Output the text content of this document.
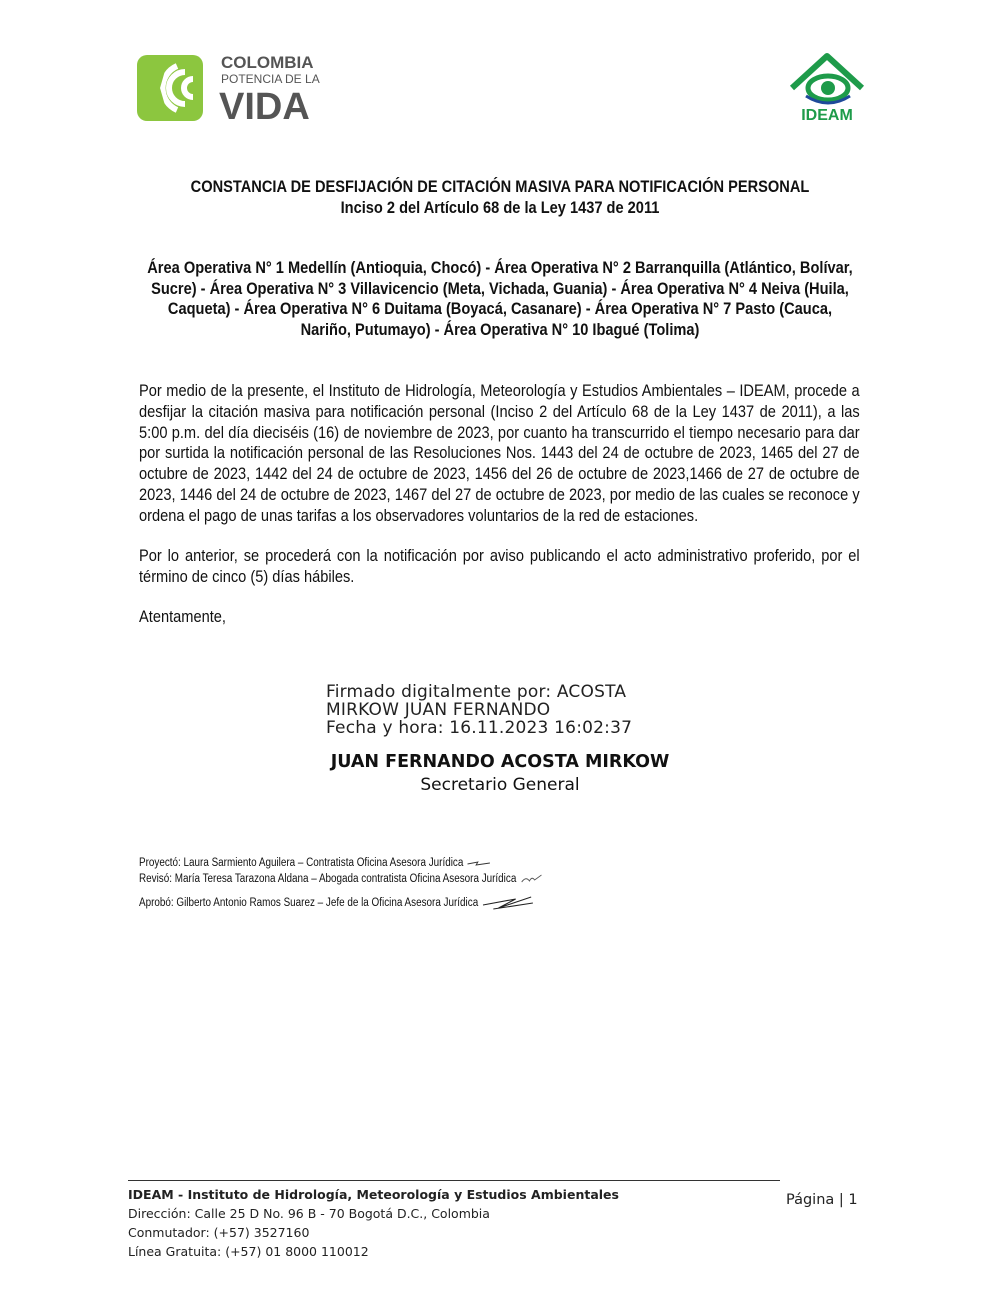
COLOMBIA
POTENCIA DE LA
VIDA	IDEAM
CONSTANCIA DE DESFIJACIÓN DE CITACIÓN MASIVA PARA NOTIFICACIÓN PERSONAL
Inciso 2 del Artículo 68 de la Ley 1437 de 2011
Área Operativa N° 1 Medellín (Antioquia, Chocó) - Área Operativa N° 2 Barranquilla (Atlántico, Bolívar, Sucre) - Área Operativa N° 3 Villavicencio (Meta, Vichada, Guania) - Área Operativa N° 4 Neiva (Huila, Caqueta) - Área Operativa N° 6 Duitama (Boyacá, Casanare) - Área Operativa N° 7 Pasto (Cauca, Nariño, Putumayo) - Área Operativa N° 10 Ibagué (Tolima)
Por medio de la presente, el Instituto de Hidrología, Meteorología y Estudios Ambientales – IDEAM, procede a desfijar la citación masiva para notificación personal (Inciso 2 del Artículo 68 de la Ley 1437 de 2011), a las 5:00 p.m. del día dieciséis (16) de noviembre de 2023, por cuanto ha transcurrido el tiempo necesario para dar por surtida la notificación personal de las Resoluciones Nos. 1443 del 24 de octubre de 2023, 1465 del 27 de octubre de 2023, 1442 del 24 de octubre de 2023, 1456 del 26 de octubre de 2023,1466 de 27 de octubre de 2023, 1446 del 24 de octubre de 2023, 1467 del 27 de octubre de 2023, por medio de las cuales se reconoce y ordena el pago de unas tarifas a los observadores voluntarios de la red de estaciones.
Por lo anterior, se procederá con la notificación por aviso publicando el acto administrativo proferido, por el término de cinco (5) días hábiles.
Atentamente,
Firmado digitalmente por: ACOSTA
MIRKOW JUAN FERNANDO
Fecha y hora: 16.11.2023 16:02:37
JUAN FERNANDO ACOSTA MIRKOW
Secretario General
Proyectó: Laura Sarmiento Aguilera – Contratista Oficina Asesora Jurídica
Revisó: María Teresa Tarazona Aldana – Abogada contratista Oficina Asesora Jurídica
Aprobó: Gilberto Antonio Ramos Suarez – Jefe de la Oficina Asesora Jurídica
IDEAM - Instituto de Hidrología, Meteorología y Estudios Ambientales
Dirección: Calle 25 D No. 96 B - 70 Bogotá D.C., Colombia
Conmutador: (+57) 3527160
Línea Gratuita: (+57) 01 8000 110012
Página | 1
